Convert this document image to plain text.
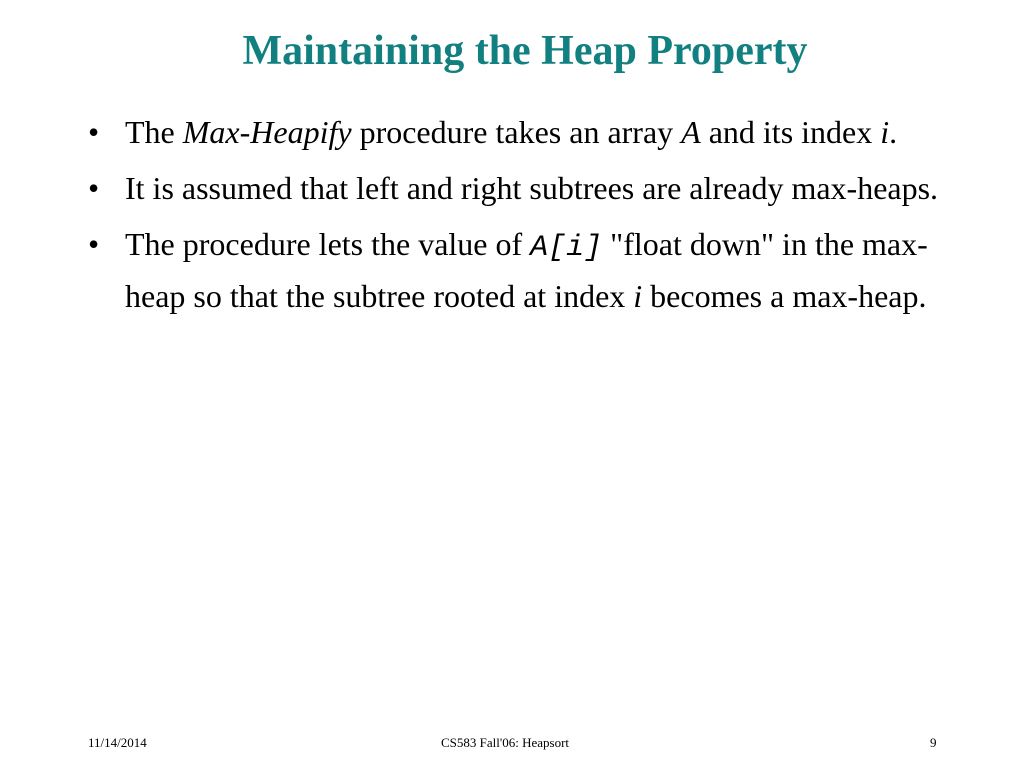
Maintaining the Heap Property
• The Max-Heapify procedure takes an array A and its index i.
• It is assumed that left and right subtrees are already max-heaps.
• The procedure lets the value of A[i] "float down" in the max-heap so that the subtree rooted at index i becomes a max-heap.
11/14/2014	CS583 Fall'06: Heapsort	9
